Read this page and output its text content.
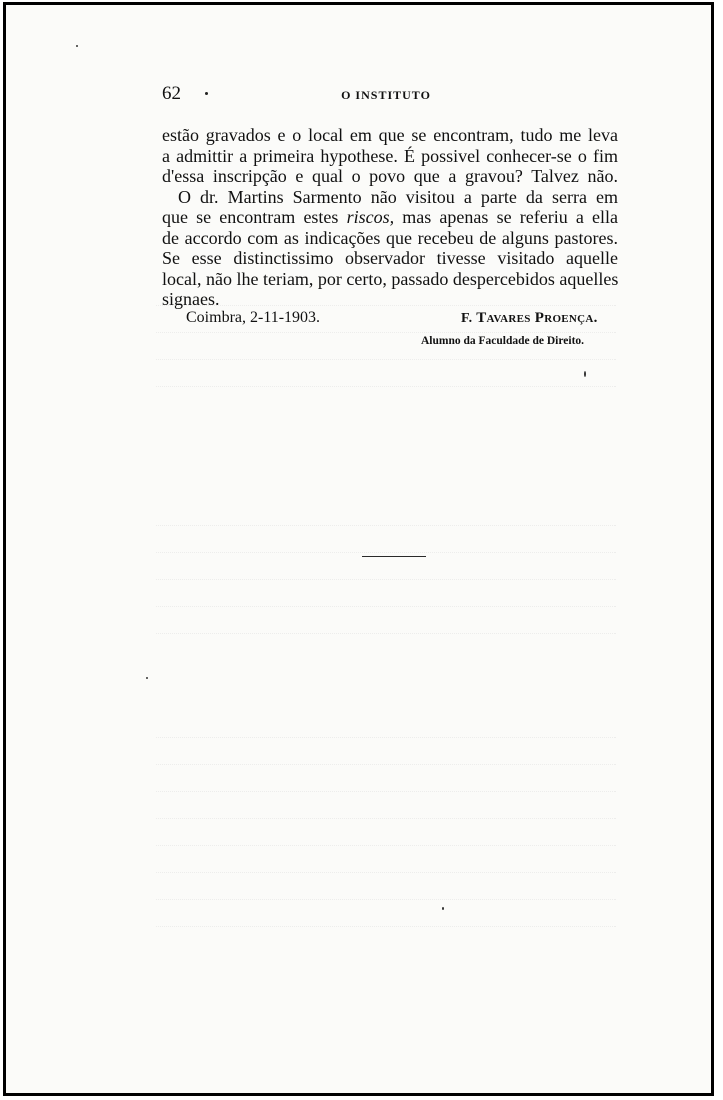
62	O INSTITUTO
estão gravados e o local em que se encontram, tudo me leva
a admittir a primeira hypothese. É possivel conhecer-se o fim
d'essa inscripção e qual o povo que a gravou? Talvez não.
O dr. Martins Sarmento não visitou a parte da serra em
que se encontram estes riscos, mas apenas se referiu a ella
de accordo com as indicações que recebeu de alguns pastores.
Se esse distinctissimo observador tivesse visitado aquelle
local, não lhe teriam, por certo, passado despercebidos aquelles
signaes.
Coimbra, 2-11-1903.	F. Tavares Proença.
Alumno da Faculdade de Direito.
